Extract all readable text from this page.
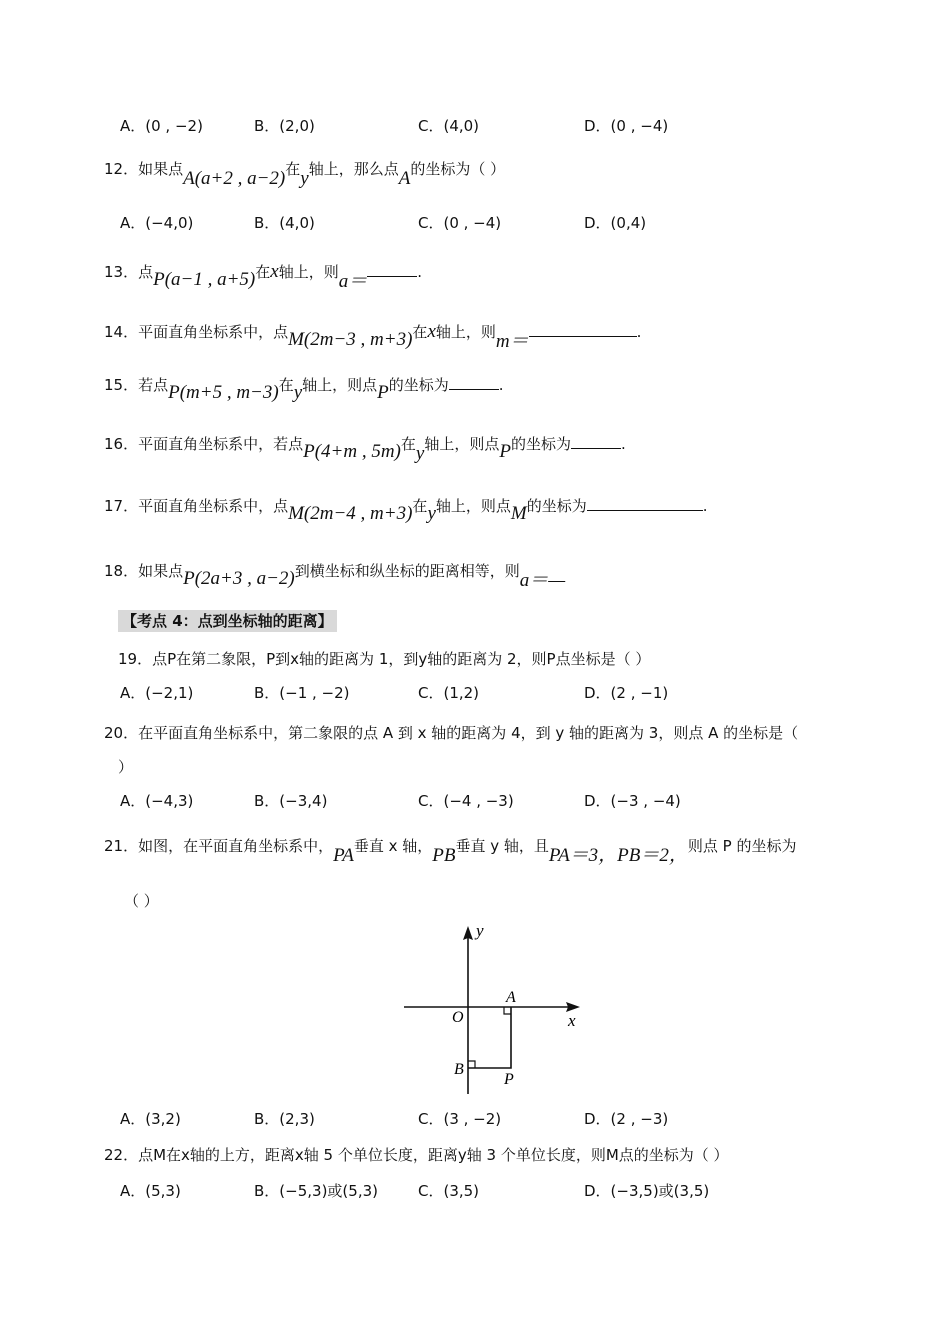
A．(0 , −2)	B．(2,0)	C．(4,0)	D．(0 , −4)
12．如果点A(a+2 , a−2)在y轴上，那么点A的坐标为（ ）
A．(−4,0)	B．(4,0)	C．(0 , −4)	D．(0,4)
13．点P(a−1 , a+5)在x轴上，则a＝	.
14．平面直角坐标系中，点M(2m−3 , m+3)在x轴上，则m＝	.
15．若点P(m+5 , m−3)在y轴上，则点P的坐标为	.
16．平面直角坐标系中，若点P(4+m , 5m)在y轴上，则点P的坐标为	.
17．平面直角坐标系中，点M(2m−4 , m+3)在y轴上，则点M的坐标为	.
18．如果点P(2a+3 , a−2)到横坐标和纵坐标的距离相等，则a＝—
【考点 4：点到坐标轴的距离】
19．点P在第二象限，P到x轴的距离为 1，到y轴的距离为 2，则P点坐标是（ ）
A．(−2,1)	B．(−1 , −2)	C．(1,2)	D．(2 , −1)
20．在平面直角坐标系中，第二象限的点 A 到 x 轴的距离为 4，到 y 轴的距离为 3，则点 A 的坐标是（
）
A．(−4,3)	B．(−3,4)	C．(−4 , −3)	D．(−3 , −4)
21．如图，在平面直角坐标系中，PA垂直 x 轴，PB垂直 y 轴，且PA＝3，PB＝2，则点 P 的坐标为
（ ）
y
x
O
A
B
P
A．(3,2)	B．(2,3)	C．(3 , −2)	D．(2 , −3)
22．点M在x轴的上方，距离x轴 5 个单位长度，距离y轴 3 个单位长度，则M点的坐标为（ ）
A．(5,3)	B．(−5,3)或(5,3)	C．(3,5)	D．(−3,5)或(3,5)
